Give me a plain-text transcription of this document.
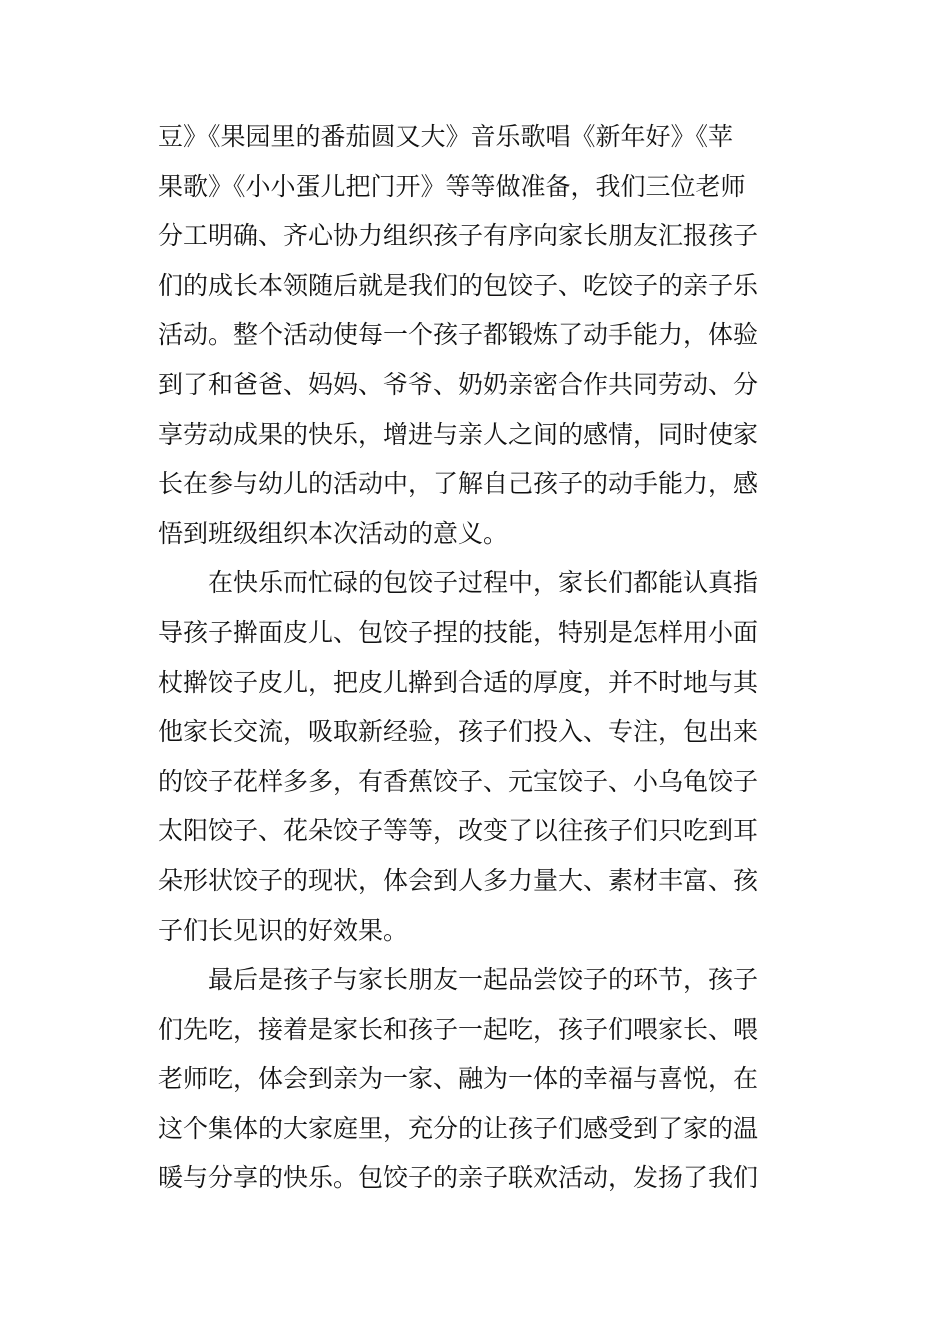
豆》《果园里的番茄圆又大》音乐歌唱《新年好》《苹
果歌》《小小蛋儿把门开》等等做准备，我们三位老师
分工明确、齐心协力组织孩子有序向家长朋友汇报孩子
们的成长本领随后就是我们的包饺子、吃饺子的亲子乐
活动。整个活动使每一个孩子都锻炼了动手能力，体验
到了和爸爸、妈妈、爷爷、奶奶亲密合作共同劳动、分
享劳动成果的快乐，增进与亲人之间的感情，同时使家
长在参与幼儿的活动中，了解自己孩子的动手能力，感
悟到班级组织本次活动的意义。
　　在快乐而忙碌的包饺子过程中，家长们都能认真指
导孩子擀面皮儿、包饺子捏的技能，特别是怎样用小面
杖擀饺子皮儿，把皮儿擀到合适的厚度，并不时地与其
他家长交流，吸取新经验，孩子们投入、专注，包出来
的饺子花样多多，有香蕉饺子、元宝饺子、小乌龟饺子
太阳饺子、花朵饺子等等，改变了以往孩子们只吃到耳
朵形状饺子的现状，体会到人多力量大、素材丰富、孩
子们长见识的好效果。
　　最后是孩子与家长朋友一起品尝饺子的环节，孩子
们先吃，接着是家长和孩子一起吃，孩子们喂家长、喂
老师吃，体会到亲为一家、融为一体的幸福与喜悦，在
这个集体的大家庭里，充分的让孩子们感受到了家的温
暖与分享的快乐。包饺子的亲子联欢活动，发扬了我们
